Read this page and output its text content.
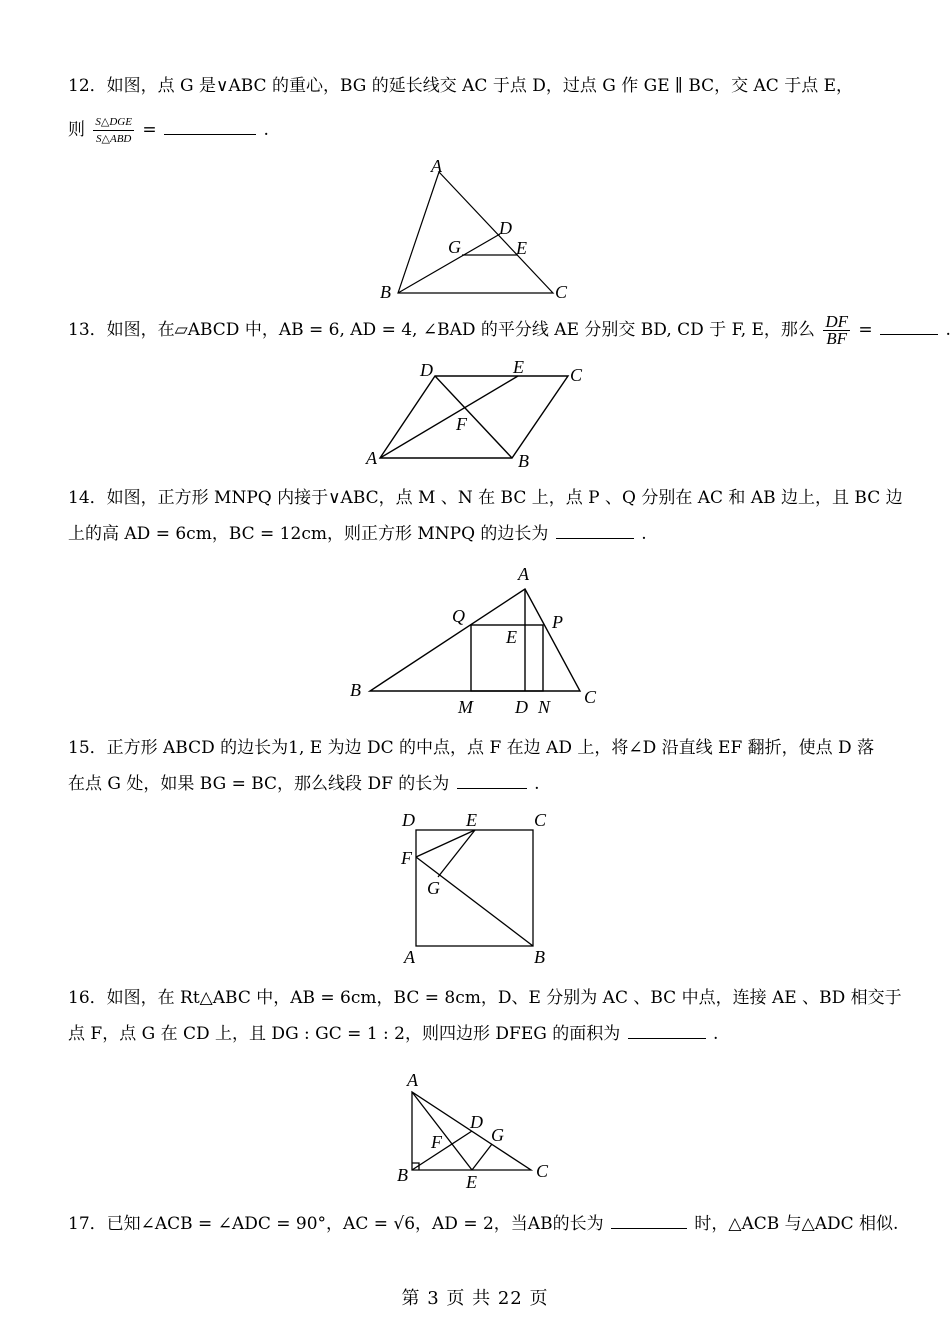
12．如图，点 G 是∨ABC 的重心，BG 的延长线交 AC 于点 D，过点 G 作 GE ∥ BC，交 AC 于点 E，
则 $\frac{\text{S△DGE}}{\text{S△ABD}}$ =	.
A
B	C
D
G	E
13．如图，在▱ABCD 中，AB = 6, AD = 4, ∠BAD 的平分线 AE 分别交 BD, CD 于 F, E，那么 $\frac{DF}{BF}$ =	.
A	B
C
D	E
F
14．如图，正方形 MNPQ 内接于∨ABC，点 M 、N 在 BC 上，点 P 、Q 分别在 AC 和 AB 边上，且 BC 边
上的高 AD = 6cm，BC = 12cm，则正方形 MNPQ 的边长为	.
A
B	C
D
E
M	N
P
Q
15．正方形 ABCD 的边长为1, E 为边 DC 的中点，点 F 在边 AD 上，将∠D 沿直线 EF 翻折，使点 D 落
在点 G 处，如果 BG = BC，那么线段 DF 的长为	.
D	E	C
F
G
A	B
16．如图，在 Rt△ABC 中，AB = 6cm，BC = 8cm，D、E 分别为 AC 、BC 中点，连接 AE 、BD 相交于
点 F，点 G 在 CD 上，且 DG : GC = 1 : 2，则四边形 DFEG 的面积为	.
A
B	C
D
E
F	G
17．已知∠ACB = ∠ADC = 90°，AC = √6，AD = 2，当AB的长为	时，△ACB 与△ADC 相似.
第 3 页 共 22 页
